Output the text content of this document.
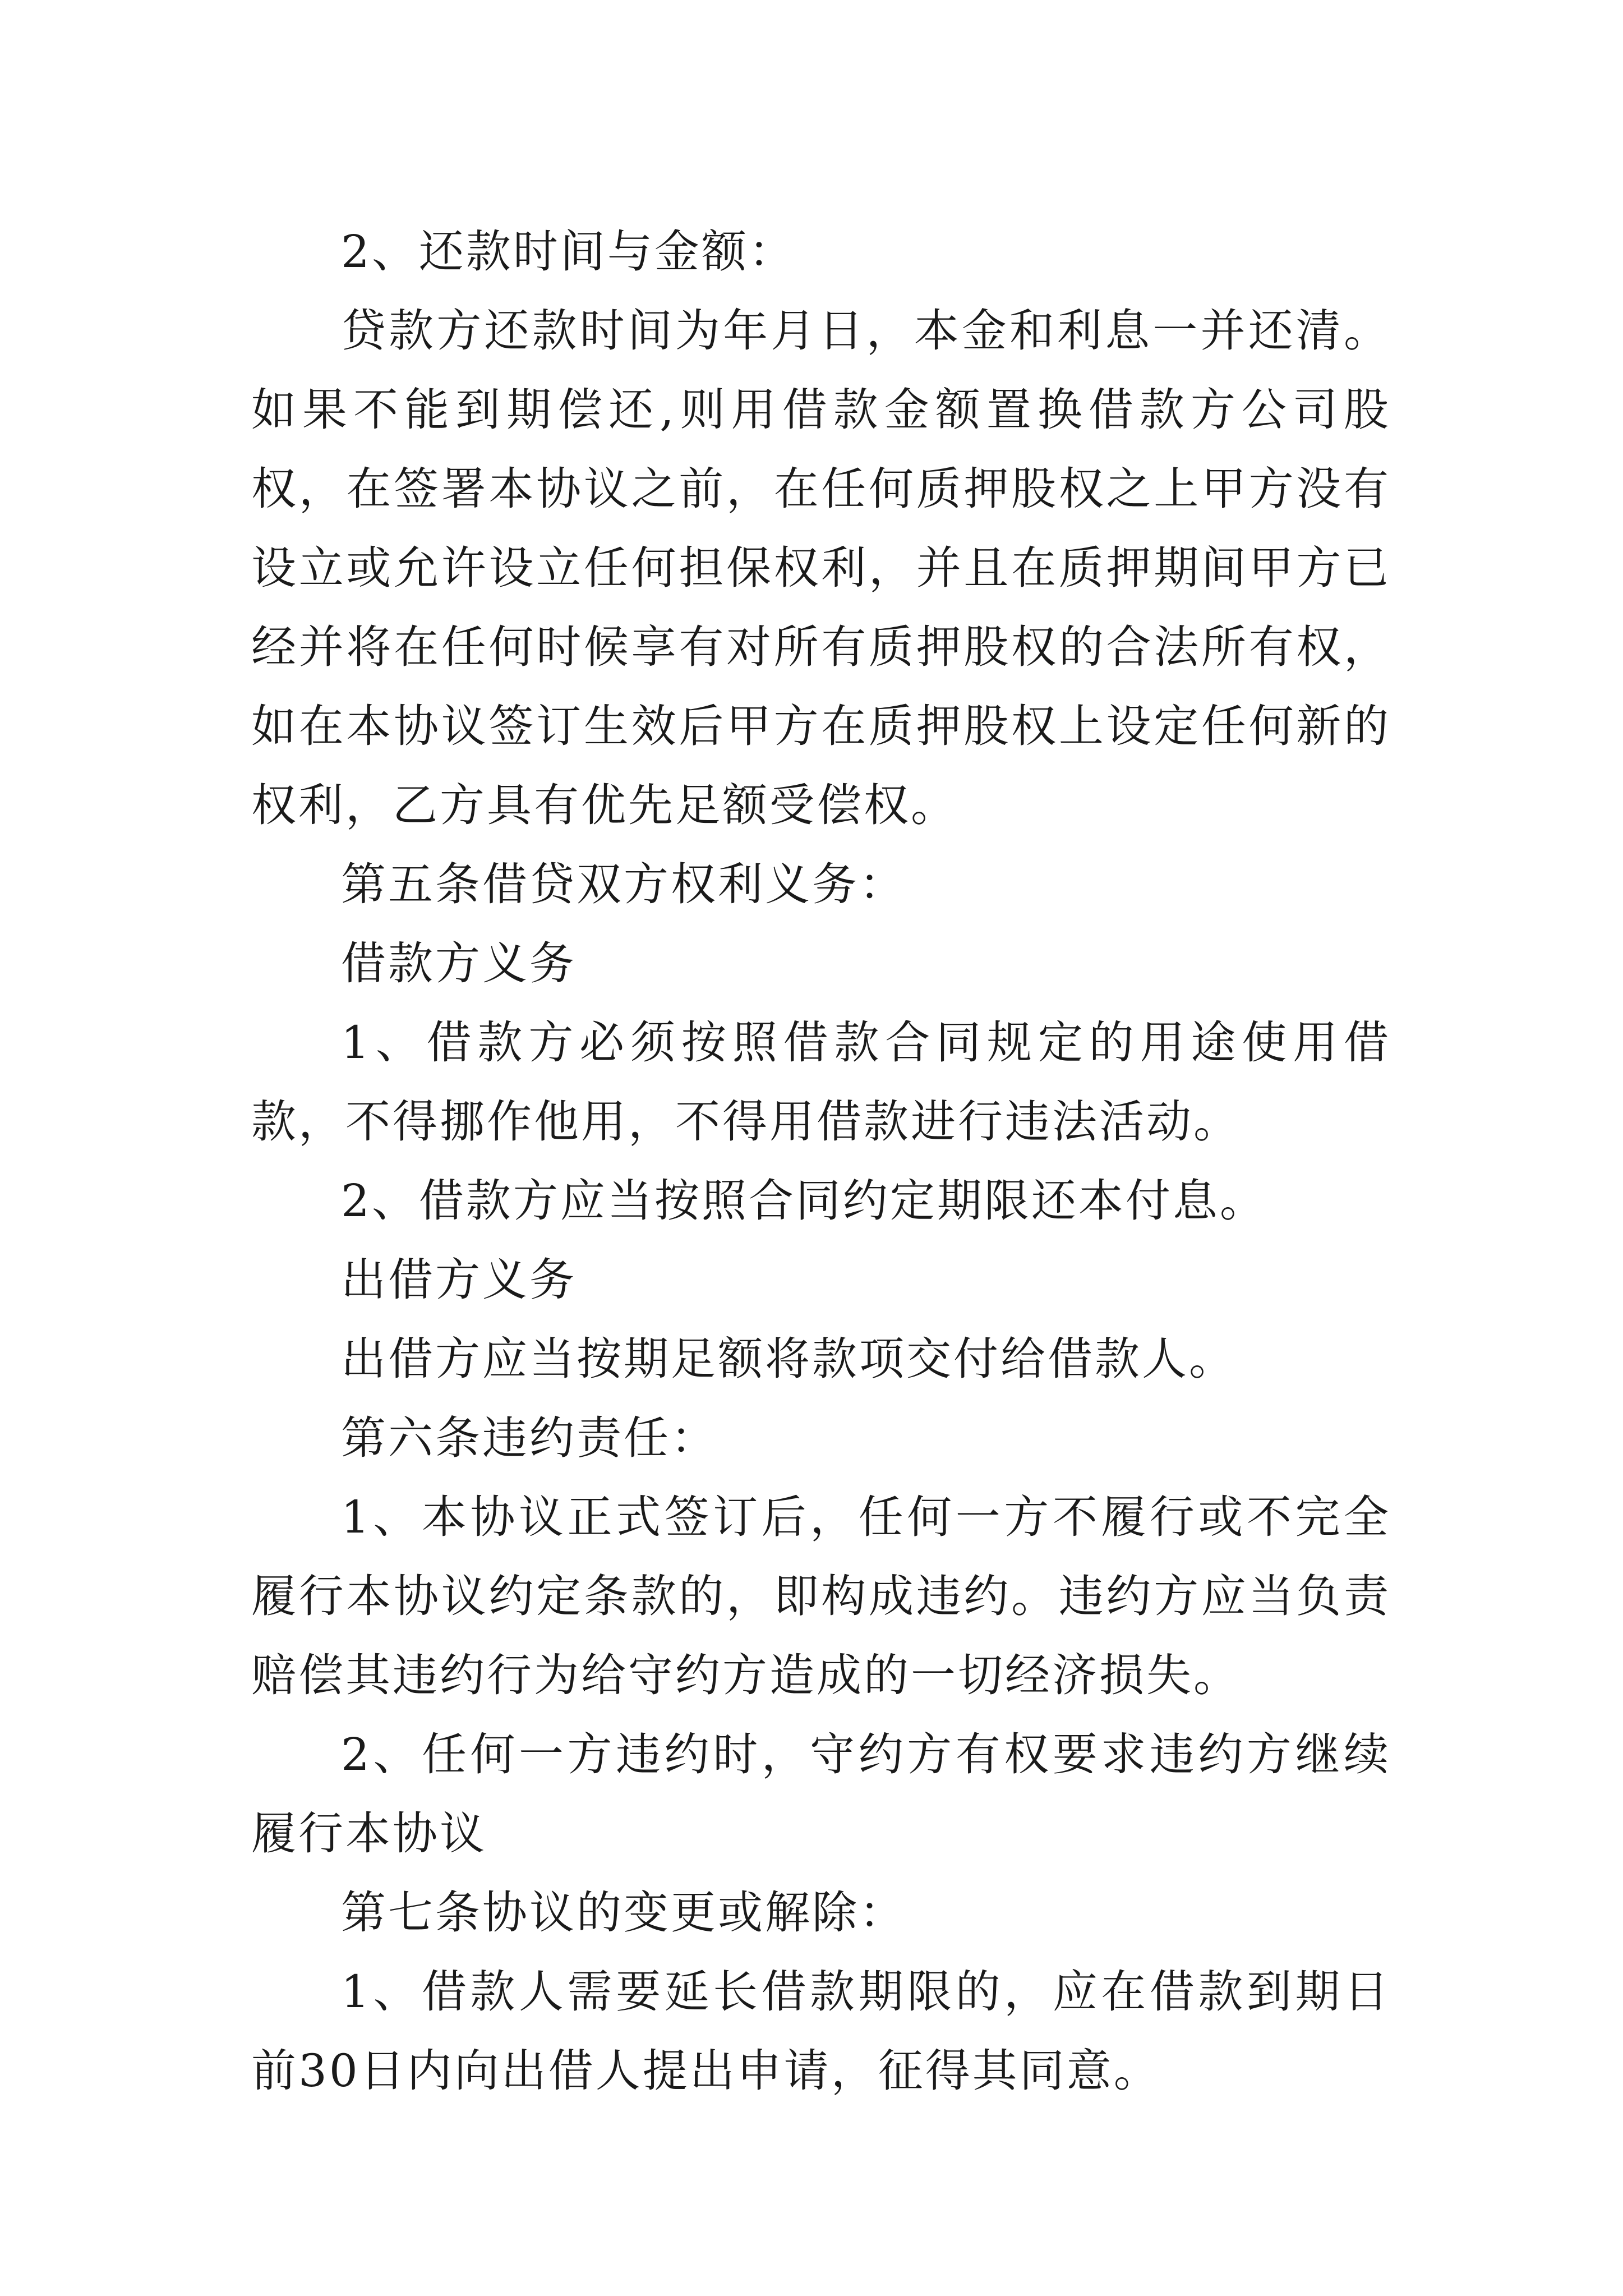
2、还款时间与金额：

贷款方还款时间为年月日，本金和利息一并还清。如果不能到期偿还,则用借款金额置换借款方公司股权，在签署本协议之前，在任何质押股权之上甲方没有设立或允许设立任何担保权利，并且在质押期间甲方已经并将在任何时候享有对所有质押股权的合法所有权，如在本协议签订生效后甲方在质押股权上设定任何新的权利，乙方具有优先足额受偿权。

第五条借贷双方权利义务：

借款方义务

1、借款方必须按照借款合同规定的用途使用借款，不得挪作他用，不得用借款进行违法活动。

2、借款方应当按照合同约定期限还本付息。

出借方义务

出借方应当按期足额将款项交付给借款人。

第六条违约责任：

1、本协议正式签订后，任何一方不履行或不完全履行本协议约定条款的，即构成违约。违约方应当负责赔偿其违约行为给守约方造成的一切经济损失。

2、任何一方违约时，守约方有权要求违约方继续履行本协议

第七条协议的变更或解除：

1、借款人需要延长借款期限的，应在借款到期日前30日内向出借人提出申请，征得其同意。
